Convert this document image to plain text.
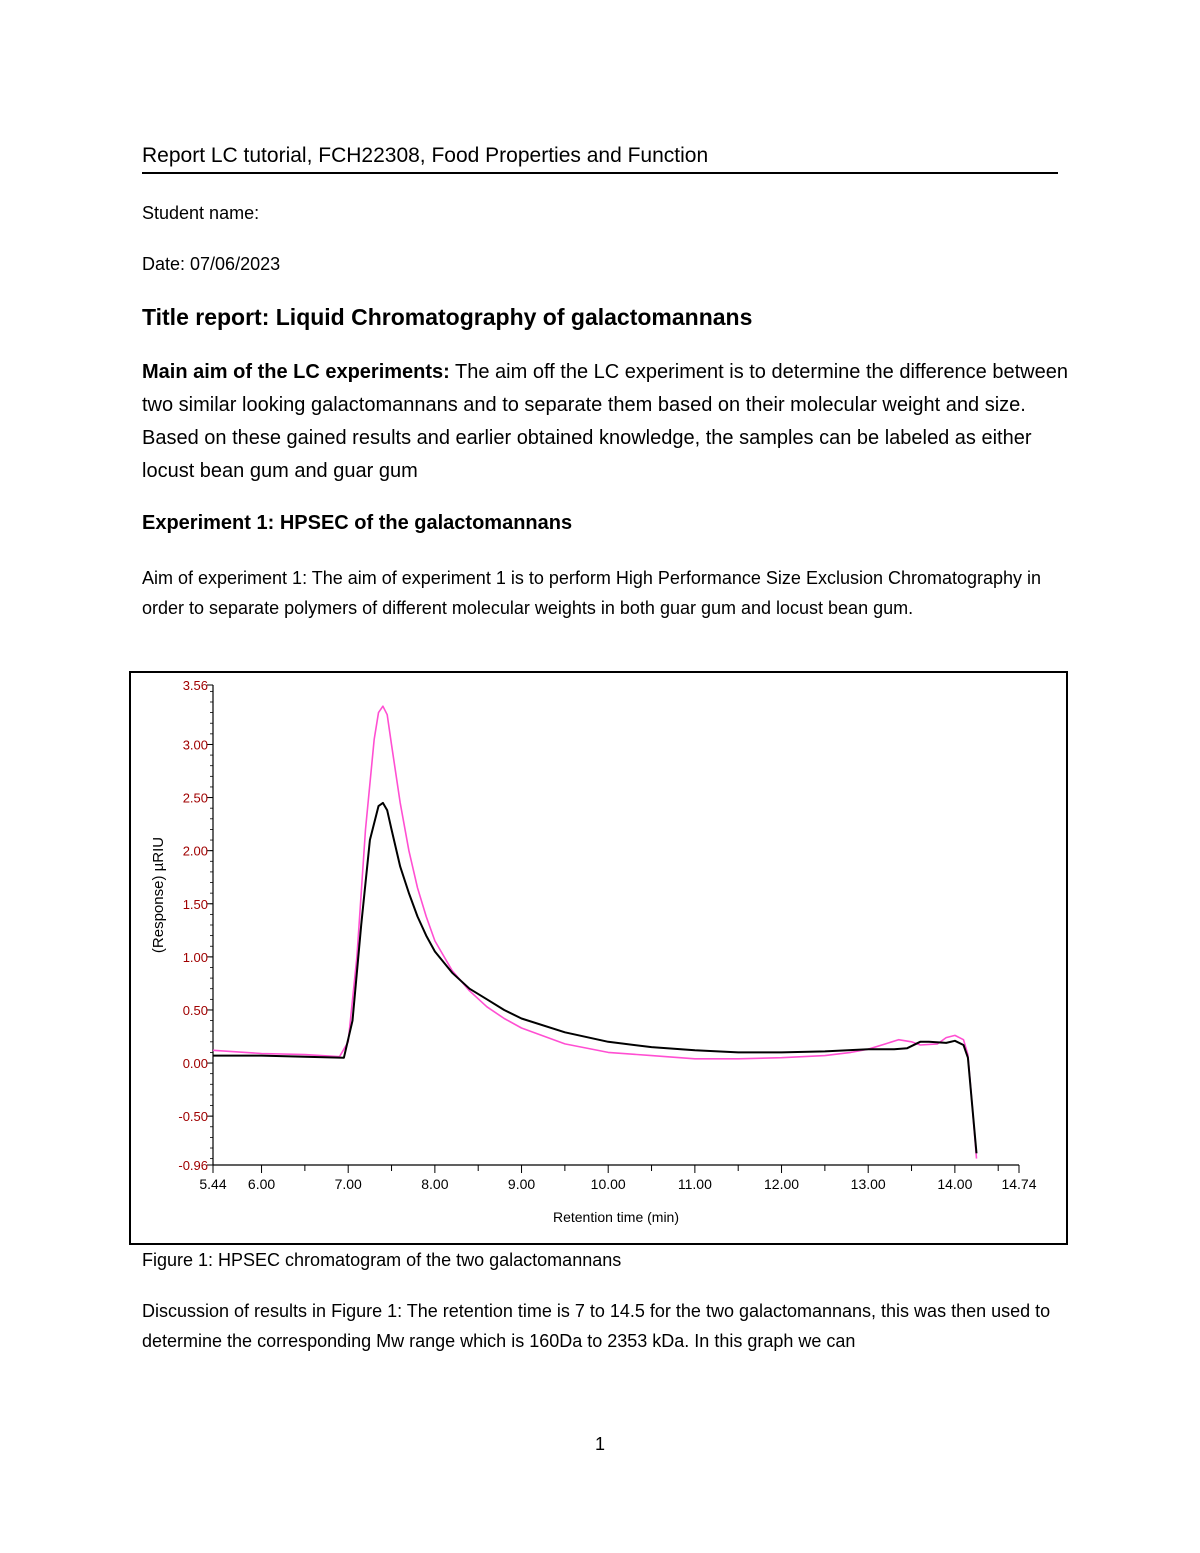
Report LC tutorial, FCH22308, Food Properties and Function
Student name:
Date: 07/06/2023
Title report: Liquid Chromatography of galactomannans
Main aim of the LC experiments: The aim off the LC experiment is to determine the difference between two similar looking galactomannans and to separate them based on their molecular weight and size. Based on these gained results and earlier obtained knowledge, the samples can be labeled as either locust bean gum and guar gum
Experiment 1: HPSEC of the galactomannans
Aim of experiment 1: The aim of experiment 1 is to perform High Performance Size Exclusion Chromatography in order to separate polymers of different molecular weights in both guar gum and locust bean gum.
3.56
3.00
2.50
2.00
1.50
1.00
0.50
0.00
-0.50
-0.96
5.44 6.00	7.00	8.00	9.00	10.00	11.00	12.00	13.00	14.00 14.74
Retention time (min)
(Response) µRIU
Figure 1: HPSEC chromatogram of the two galactomannans
Discussion of results in Figure 1: The retention time is 7 to 14.5 for the two galactomannans, this was then used to determine the corresponding Mw range which is 160Da to 2353 kDa. In this graph we can
1
